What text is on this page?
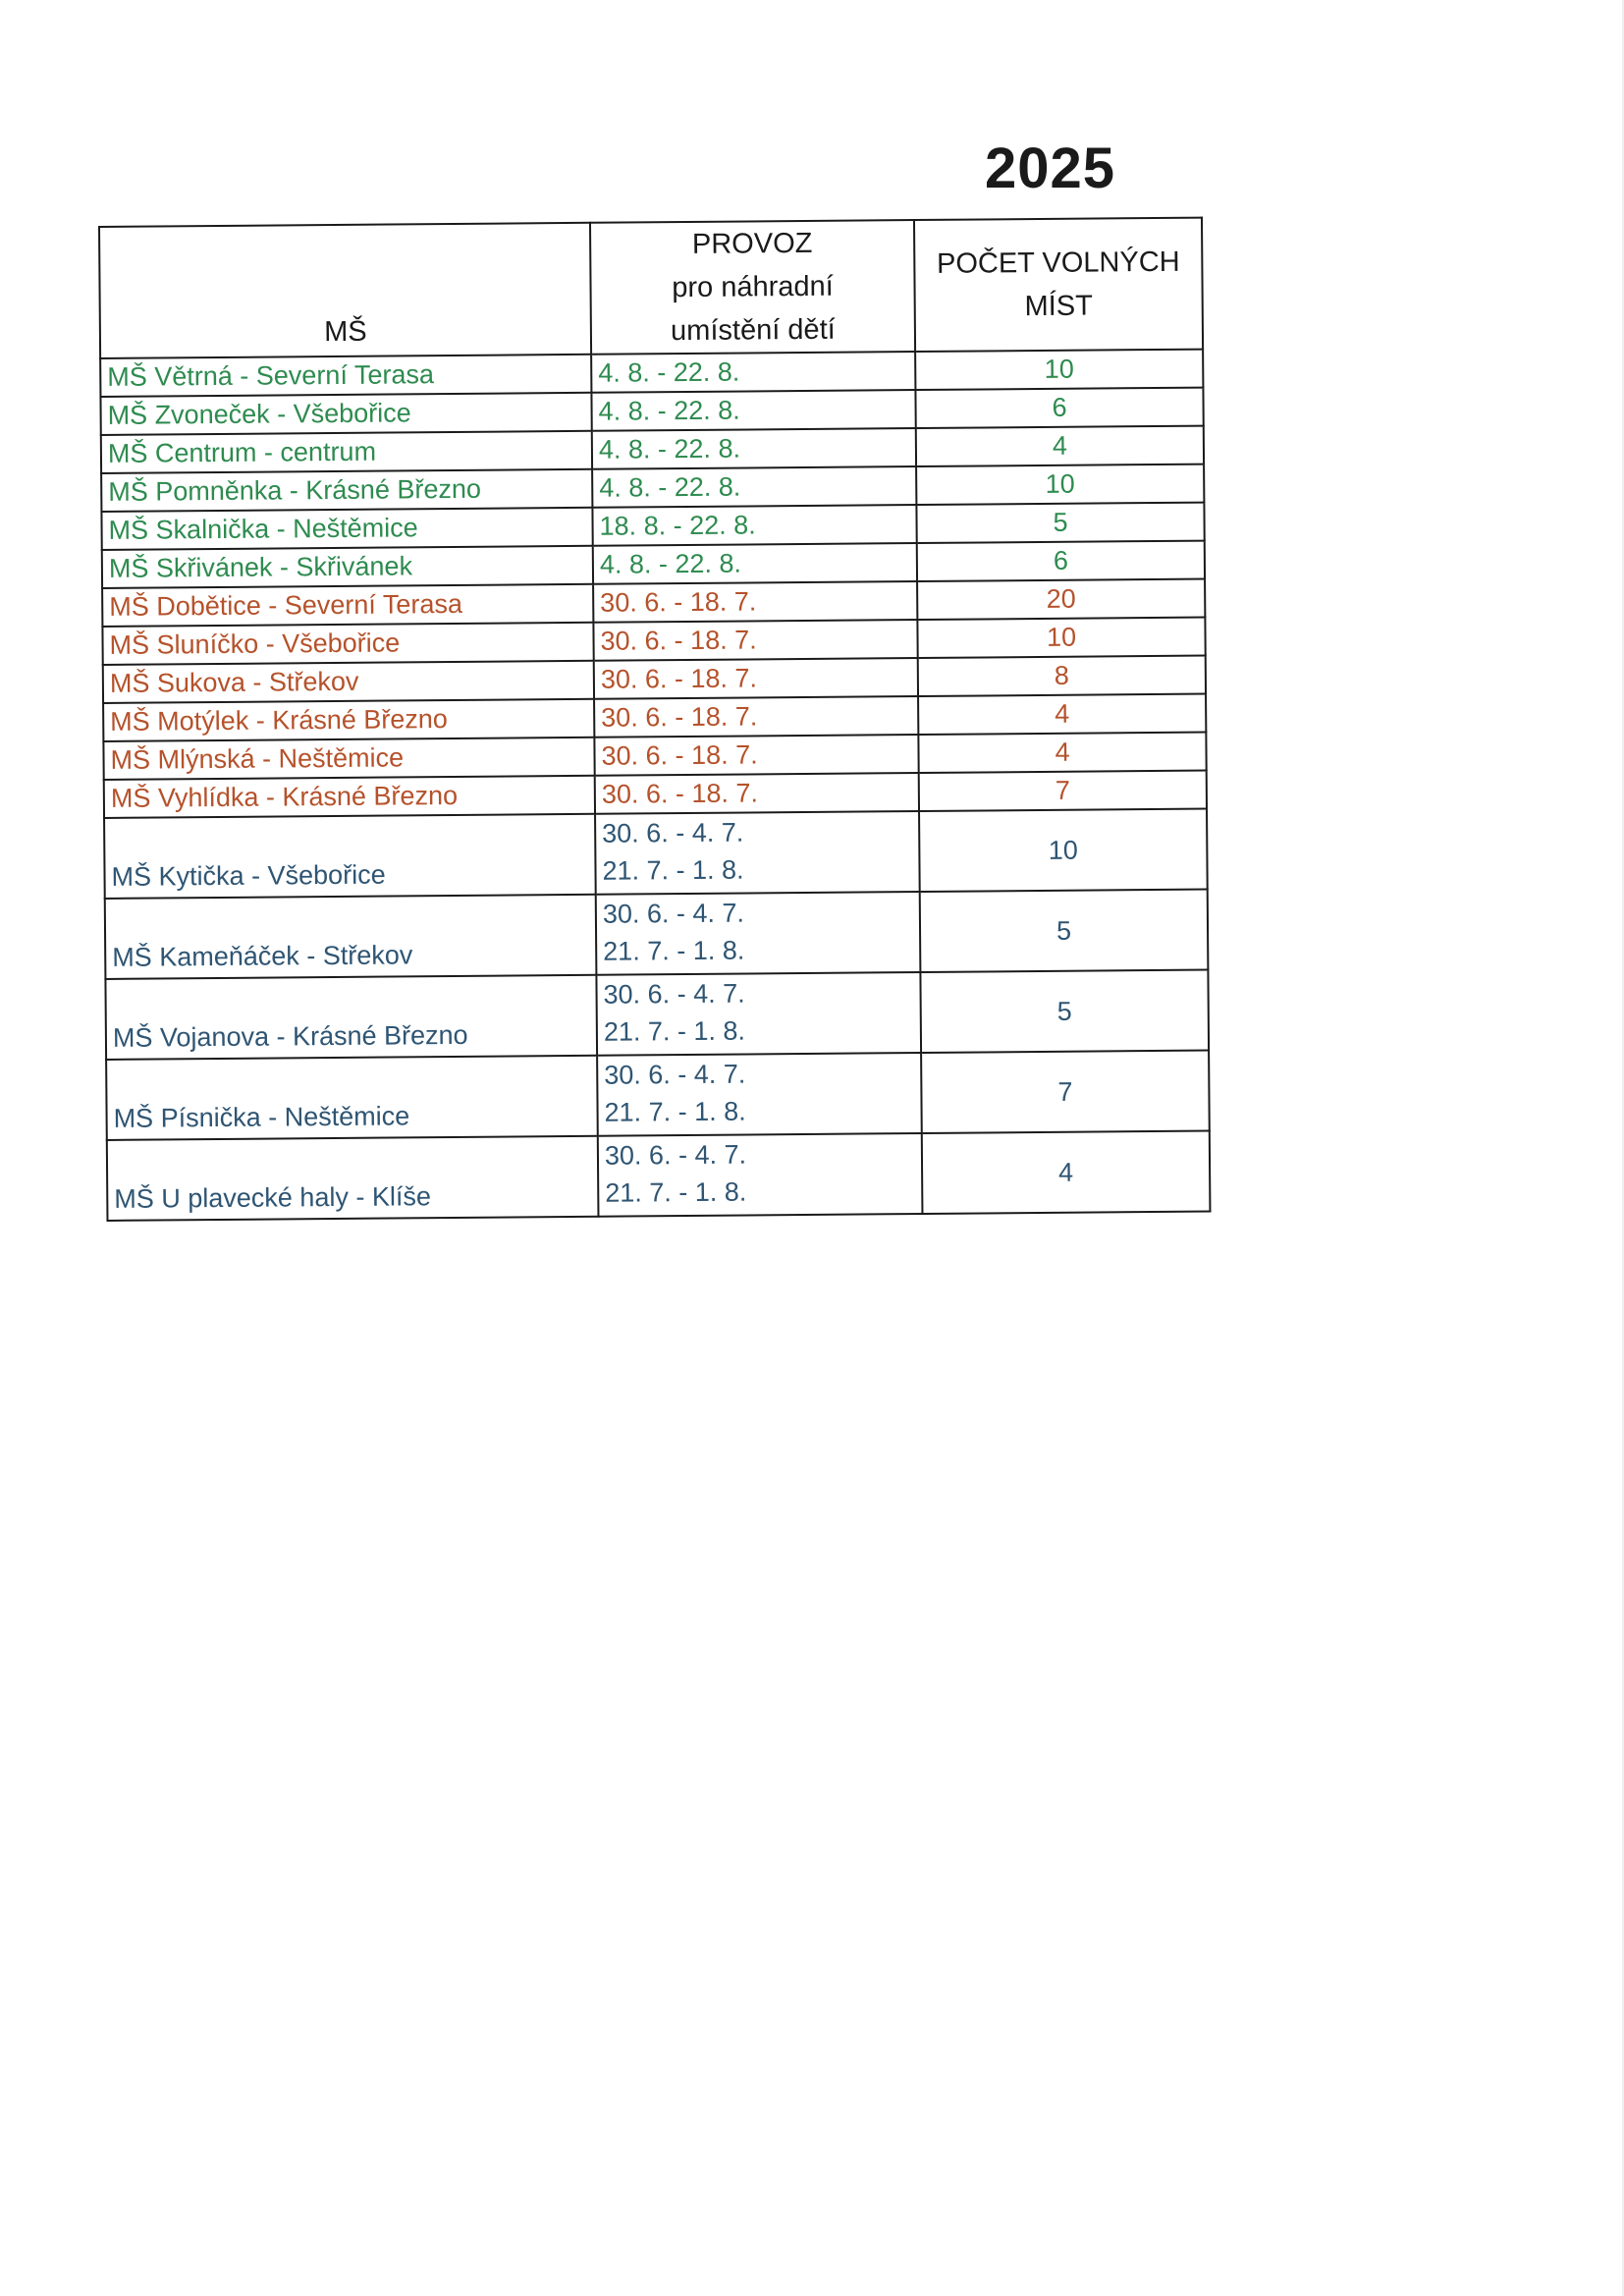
2025
MŠ	PROVOZ
pro náhradní
umístění dětí	POČET VOLNÝCH
MÍST

MŠ Větrná - Severní Terasa	4. 8. - 22. 8.	10
MŠ Zvoneček - Všebořice	4. 8. - 22. 8.	6
MŠ Centrum - centrum	4. 8. - 22. 8.	4
MŠ Pomněnka - Krásné Březno	4. 8. - 22. 8.	10
MŠ Skalnička - Neštěmice	18. 8. - 22. 8.	5
MŠ Skřivánek - Skřivánek	4. 8. - 22. 8.	6
MŠ Dobětice - Severní Terasa	30. 6. - 18. 7.	20
MŠ Sluníčko - Všebořice	30. 6. - 18. 7.	10
MŠ Sukova - Střekov	30. 6. - 18. 7.	8
MŠ Motýlek - Krásné Březno	30. 6. - 18. 7.	4
MŠ Mlýnská - Neštěmice	30. 6. - 18. 7.	4
MŠ Vyhlídka - Krásné Březno	30. 6. - 18. 7.	7
MŠ Kytička - Všebořice	30. 6. - 4. 7.
21. 7. - 1. 8.	10
MŠ Kameňáček - Střekov	30. 6. - 4. 7.
21. 7. - 1. 8.	5
MŠ Vojanova - Krásné Březno	30. 6. - 4. 7.
21. 7. - 1. 8.	5
MŠ Písnička - Neštěmice	30. 6. - 4. 7.
21. 7. - 1. 8.	7
MŠ U plavecké haly - Klíše	30. 6. - 4. 7.
21. 7. - 1. 8.	4
